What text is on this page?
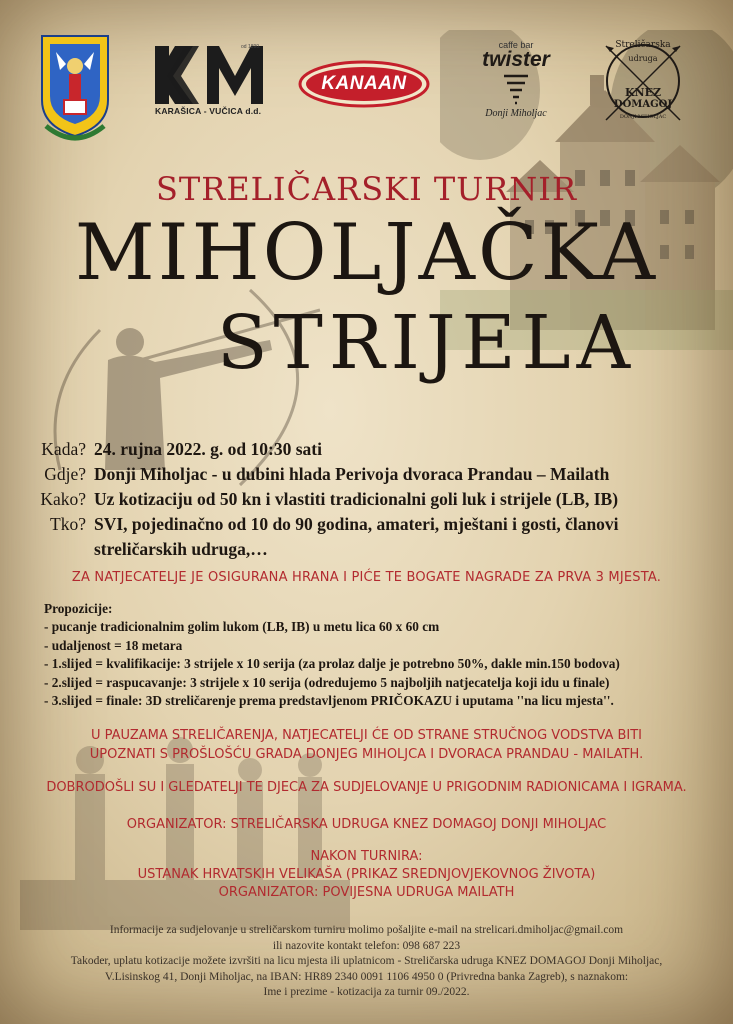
od 1890.
KARAŠICA - VUČICA d.d.
KANAAN
caffe bar
twister
Donji Miholjac
Streličarska
udruga
KNEZ
DOMAGOJ
DONJI MIHOLJAC
STRELIČARSKI TURNIR
MIHOLJAČKA
STRIJELA
Kada? 24. rujna 2022. g. od 10:30 sati
Gdje? Donji Miholjac - u dubini hlada Perivoja dvoraca Prandau – Mailath
Kako? Uz kotizaciju od 50 kn i vlastiti tradicionalni goli luk i strijele (LB, IB)
Tko? SVI, pojedinačno od 10 do 90 godina, amateri, mještani i gosti, članovi streličarskih udruga,…
ZA NATJECATELJE JE OSIGURANA HRANA I PIĆE TE BOGATE NAGRADE ZA PRVA 3 MJESTA.
Propozicije:
- pucanje tradicionalnim golim lukom (LB, IB) u metu lica 60 x 60 cm
- udaljenost = 18 metara
- 1.slijed = kvalifikacije: 3 strijele x 10 serija (za prolaz dalje je potrebno 50%, dakle min.150 bodova)
- 2.slijed = raspucavanje: 3 strijele x 10 serija (odredujemo 5 najboljih natjecatelja koji idu u finale)
- 3.slijed = finale: 3D streličarenje prema predstavljenom PRIČOKAZU i uputama ''na licu mjesta''.
U PAUZAMA STRELIČARENJA, NATJECATELJI ĆE OD STRANE STRUČNOG VODSTVA BITI
UPOZNATI S PROŠLOŠĆU GRADA DONJEG MIHOLJCA I DVORACA PRANDAU - MAILATH.
DOBRODOŠLI SU I GLEDATELJI TE DJECA ZA SUDJELOVANJE U PRIGODNIM RADIONICAMA I IGRAMA.
ORGANIZATOR: STRELIČARSKA UDRUGA KNEZ DOMAGOJ DONJI MIHOLJAC
NAKON TURNIRA:
USTANAK HRVATSKIH VELIKAŠA (PRIKAZ SREDNJOVJEKOVNOG ŽIVOTA)
ORGANIZATOR: POVIJESNA UDRUGA MAILATH
Informacije za sudjelovanje u streličarskom turniru molimo pošaljite e-mail na strelicari.dmiholjac@gmail.com
ili nazovite kontakt telefon: 098 687 223
Takoder, uplatu kotizacije možete izvršiti na licu mjesta ili uplatnicom - Streličarska udruga KNEZ DOMAGOJ Donji Miholjac,
V.Lisinskog 41, Donji Miholjac, na IBAN: HR89 2340 0091 1106 4950 0 (Privredna banka Zagreb), s naznakom:
Ime i prezime - kotizacija za turnir 09./2022.
